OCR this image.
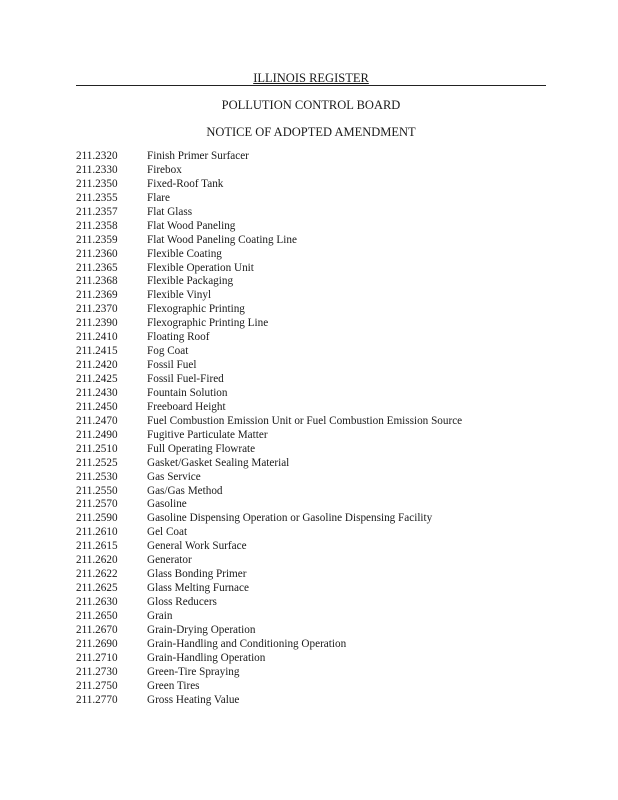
ILLINOIS REGISTER
POLLUTION CONTROL BOARD
NOTICE OF ADOPTED AMENDMENT
211.2320	Finish Primer Surfacer
211.2330	Firebox
211.2350	Fixed-Roof Tank
211.2355	Flare
211.2357	Flat Glass
211.2358	Flat Wood Paneling
211.2359	Flat Wood Paneling Coating Line
211.2360	Flexible Coating
211.2365	Flexible Operation Unit
211.2368	Flexible Packaging
211.2369	Flexible Vinyl
211.2370	Flexographic Printing
211.2390	Flexographic Printing Line
211.2410	Floating Roof
211.2415	Fog Coat
211.2420	Fossil Fuel
211.2425	Fossil Fuel-Fired
211.2430	Fountain Solution
211.2450	Freeboard Height
211.2470	Fuel Combustion Emission Unit or Fuel Combustion Emission Source
211.2490	Fugitive Particulate Matter
211.2510	Full Operating Flowrate
211.2525	Gasket/Gasket Sealing Material
211.2530	Gas Service
211.2550	Gas/Gas Method
211.2570	Gasoline
211.2590	Gasoline Dispensing Operation or Gasoline Dispensing Facility
211.2610	Gel Coat
211.2615	General Work Surface
211.2620	Generator
211.2622	Glass Bonding Primer
211.2625	Glass Melting Furnace
211.2630	Gloss Reducers
211.2650	Grain
211.2670	Grain-Drying Operation
211.2690	Grain-Handling and Conditioning Operation
211.2710	Grain-Handling Operation
211.2730	Green-Tire Spraying
211.2750	Green Tires
211.2770	Gross Heating Value
